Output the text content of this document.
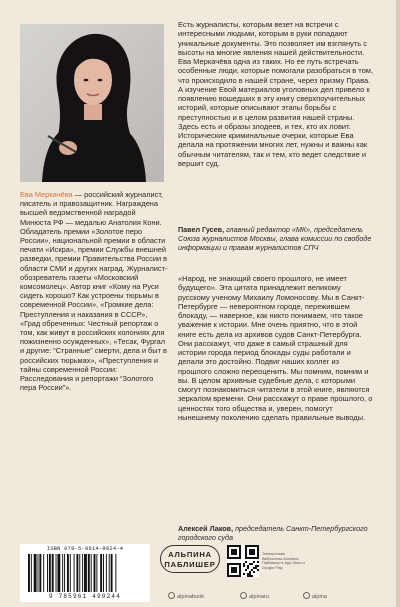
Ева Меркачёва — российский журналист, писатель и правозащитник. Награждена высшей ведомственной наградой Минюста РФ — медалью Анатолия Кони. Обладатель премии «Золотое перо России», национальной премии в области печати «Искра», премии Службы внешней разведки, премии Правительства России в области СМИ и других наград. Журналист-обозреватель газеты «Московский комсомолец». Автор книг «Кому на Руси сидеть хорошо? Как устроены тюрьмы в современной России», «Громкие дела: Преступления и наказания в СССР», «Град обреченных: Честный репортаж о том, как живут в российских колониях для пожизненно осужденных», «Тесак, Фургал и другие: “Странные” смерти, дела и быт в российских тюрьмах», «Преступления и тайны современной России: Расследования и репортажи “Золотого пера России”».

Есть журналисты, которым везет на встречи с интересными людьми, которым в руки попадают уникальные документы. Это позволяет им взглянуть с высоты на многие явления нашей действительности. Ева Меркачёва одна из таких. Но ее путь встречать особенные люди, которые помогали разобраться в том, что происходило в нашей стране, через призму Права. А изучение Евой материалов уголовных дел привело к появлению вошедших в эту книгу сверхпоучительных историй, которые описывают этапы борьбы с преступностью и в целом развития нашей страны. Здесь есть и образы злодеев, и тех, кто их ловит. Исторические криминальные очерки, которые Ева делала на протяжении многих лет, нужны и важны как обычным читателям, так и тем, кто ведет следствие и вершит суд.

Павел Гусев, главный редактор «МК», председатель Союза журналистов Москвы, глава комиссии по свободе информации и правам журналистов СПЧ

«Народ, не знающий своего прошлого, не имеет будущего». Эта цитата принадлежит великому русскому ученому Михаилу Ломоносову. Мы в Санкт-Петербурге — невероятном городе, пережившем блокаду, — наверное, как никто понимаем, что такое уважение к истории. Мне очень приятно, что в этой книге есть дела из архивов судов Санкт-Петербурга. Они расскажут, что даже в самый страшный для истории города период блокады суды работали и делали это достойно. Подвиг наших коллег из прошлого сложно переоценить. Мы помним, помним и вы. В целом архивные судебные дела, с которыми смогут познакомиться читатели в этой книге, являются зеркалом времени. Они расскажут о праве прошлого, о ценностях того общества и, уверен, помогут нынешнему поколению сделать правильные выводы.

Алексей Лаков, председатель Санкт-Петербургского городского суда

ISBN 978-5-9614-9024-4
9 785961 490244
АЛЬПИНА
ПАБЛИШЕР
Электронная библиотека Альпина Паблишер в App Store и Google Play
alpinabook	alpinaru	alpina
